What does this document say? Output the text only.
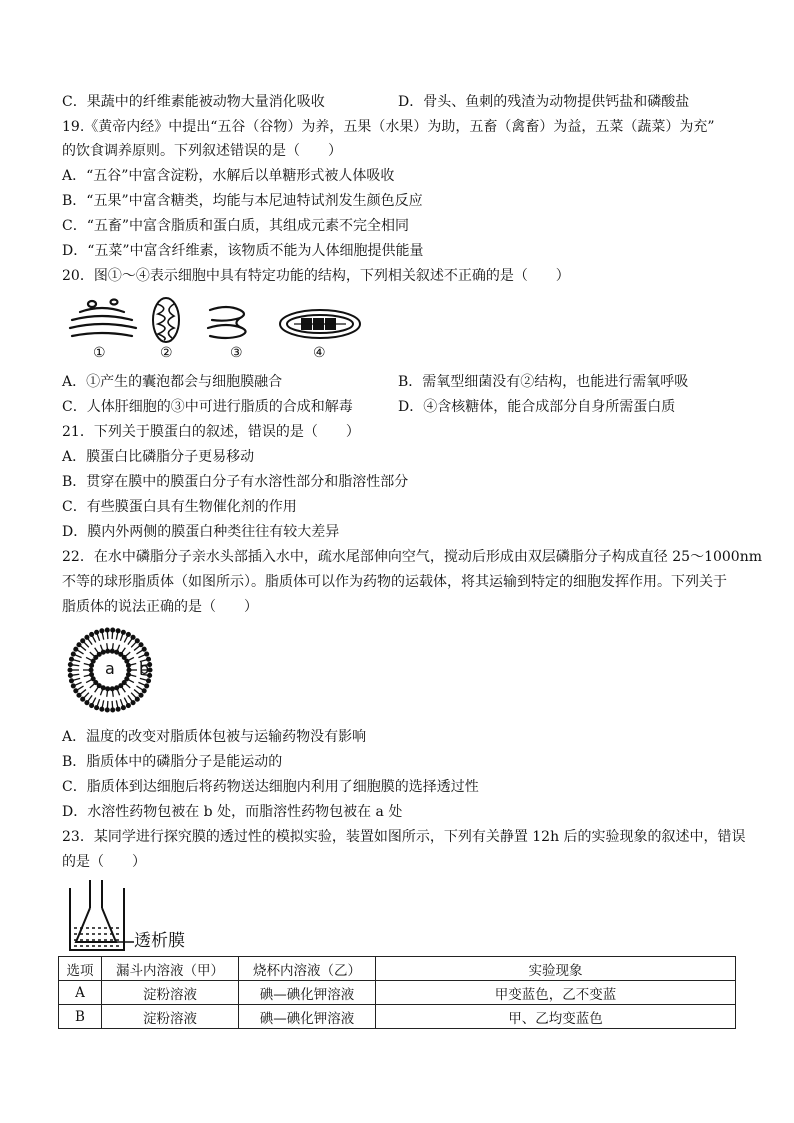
C．果蔬中的纤维素能被动物大量消化吸收	D．骨头、鱼刺的残渣为动物提供钙盐和磷酸盐
19.《黄帝内经》中提出“五谷（谷物）为养，五果（水果）为助，五畜（禽畜）为益，五菜（蔬菜）为充”
的饮食调养原则。下列叙述错误的是（　　）
A．“五谷”中富含淀粉，水解后以单糖形式被人体吸收
B．“五果”中富含糖类，均能与本尼迪特试剂发生颜色反应
C．“五畜”中富含脂质和蛋白质，其组成元素不完全相同
D．“五菜”中富含纤维素，该物质不能为人体细胞提供能量
20．图①～④表示细胞中具有特定功能的结构，下列相关叙述不正确的是（　　）
①	②	③	④
A．①产生的囊泡都会与细胞膜融合	B．需氧型细菌没有②结构，也能进行需氧呼吸
C．人体肝细胞的③中可进行脂质的合成和解毒	D．④含核糖体，能合成部分自身所需蛋白质
21．下列关于膜蛋白的叙述，错误的是（　　）
A．膜蛋白比磷脂分子更易移动
B．贯穿在膜中的膜蛋白分子有水溶性部分和脂溶性部分
C．有些膜蛋白具有生物催化剂的作用
D．膜内外两侧的膜蛋白种类往往有较大差异
22．在水中磷脂分子亲水头部插入水中，疏水尾部伸向空气，搅动后形成由双层磷脂分子构成直径 25～1000nm
不等的球形脂质体（如图所示）。脂质体可以作为药物的运载体，将其运输到特定的细胞发挥作用。下列关于
脂质体的说法正确的是（　　）
a b
A．温度的改变对脂质体包被与运输药物没有影响
B．脂质体中的磷脂分子是能运动的
C．脂质体到达细胞后将药物送达细胞内利用了细胞膜的选择透过性
D．水溶性药物包被在 b 处，而脂溶性药物包被在 a 处
23．某同学进行探究膜的透过性的模拟实验，装置如图所示，下列有关静置 12h 后的实验现象的叙述中，错误
的是（　　）
透析膜
选项	漏斗内溶液（甲）	烧杯内溶液（乙）	实验现象
A	淀粉溶液	碘—碘化钾溶液	甲变蓝色，乙不变蓝
B	淀粉溶液	碘—碘化钾溶液	甲、乙均变蓝色
